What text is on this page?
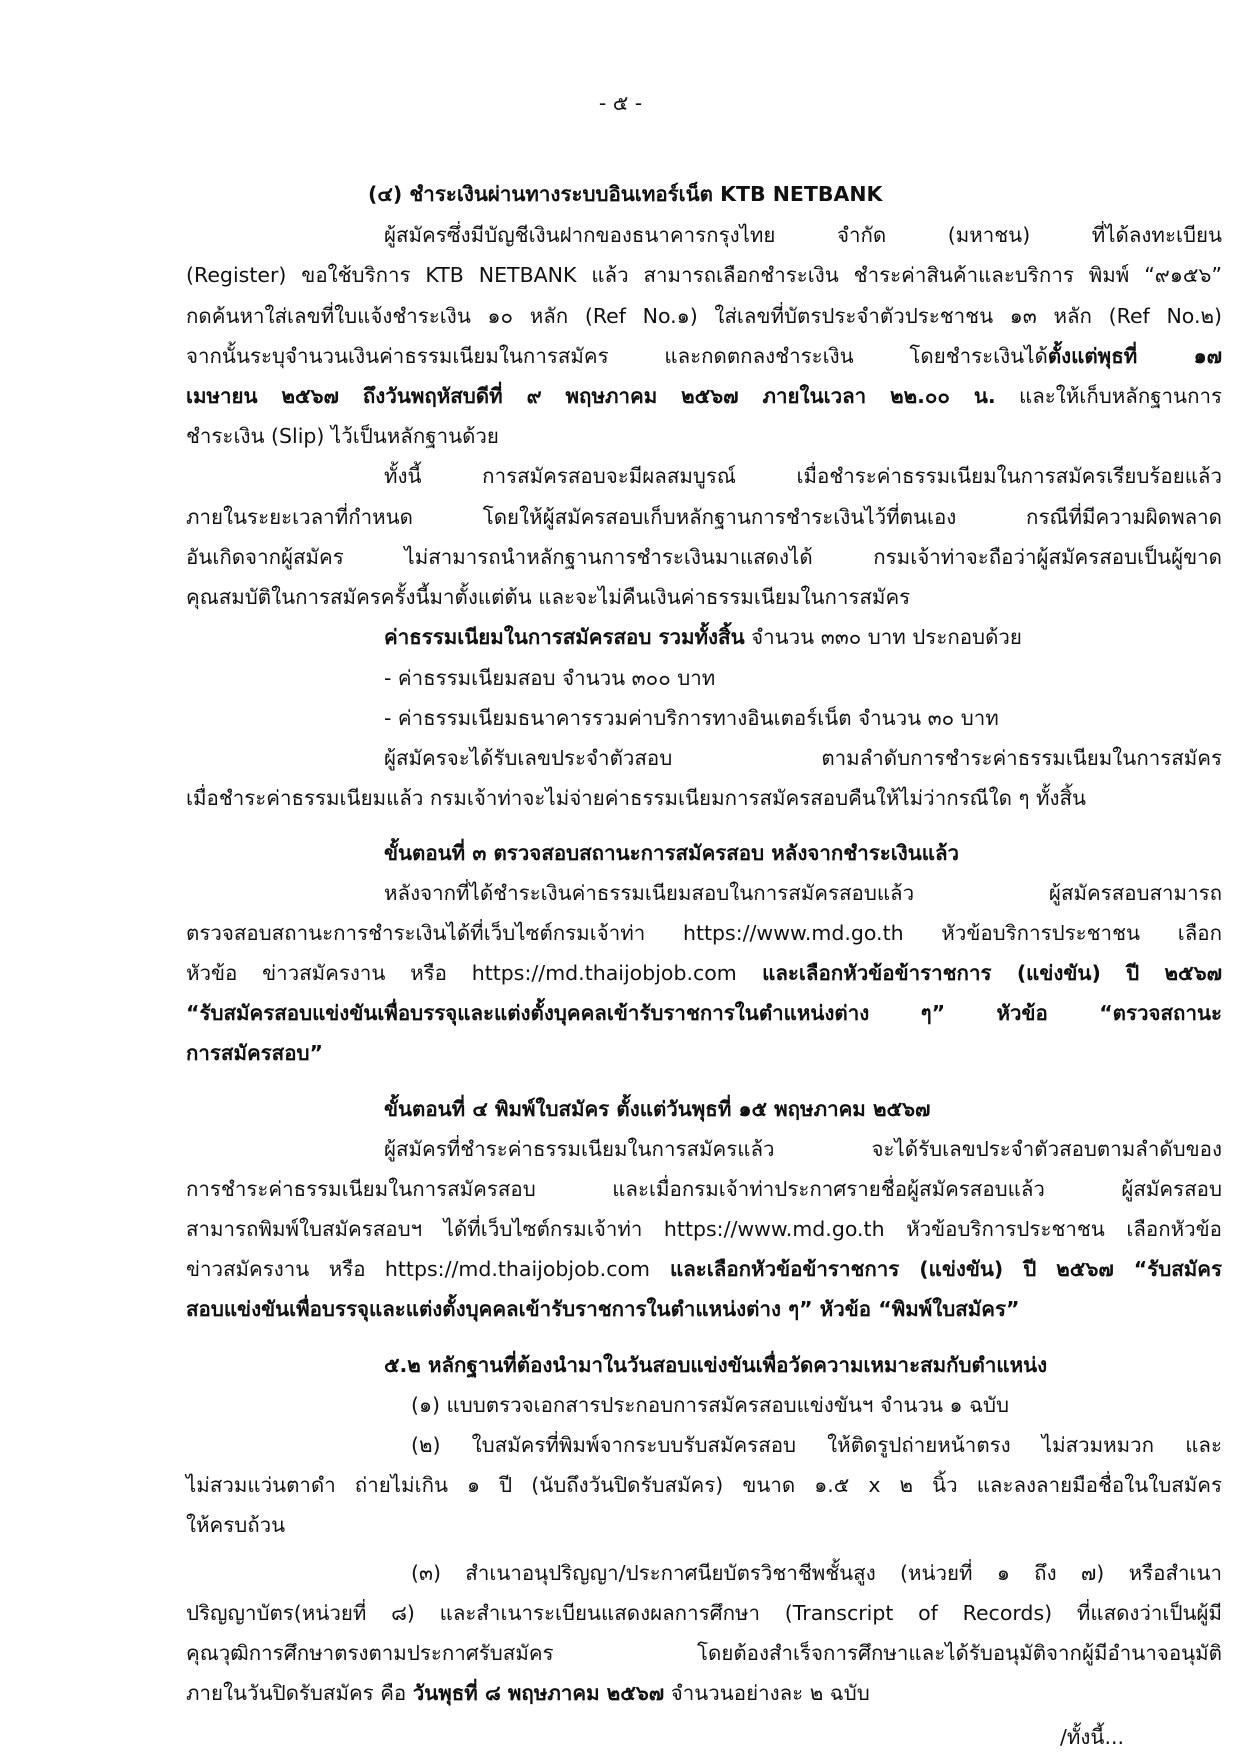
- ๕ -
(๔) ชำระเงินผ่านทางระบบอินเทอร์เน็ต KTB NETBANK
ผู้สมัครซึ่งมีบัญชีเงินฝากของธนาคารกรุงไทย จำกัด (มหาชน) ที่ได้ลงทะเบียน
(Register) ขอใช้บริการ KTB NETBANK แล้ว สามารถเลือกชำระเงิน ชำระค่าสินค้าและบริการ พิมพ์ “๙๑๕๖”
กดค้นหาใส่เลขที่ใบแจ้งชำระเงิน ๑๐ หลัก (Ref No.๑) ใส่เลขที่บัตรประจำตัวประชาชน ๑๓ หลัก (Ref No.๒)
จากนั้นระบุจำนวนเงินค่าธรรมเนียมในการสมัคร และกดตกลงชำระเงิน โดยชำระเงินได้ตั้งแต่พุธที่ ๑๗
เมษายน ๒๕๖๗ ถึงวันพฤหัสบดีที่ ๙ พฤษภาคม ๒๕๖๗ ภายในเวลา ๒๒.๐๐ น. และให้เก็บหลักฐานการ
ชำระเงิน (Slip) ไว้เป็นหลักฐานด้วย
ทั้งนี้ การสมัครสอบจะมีผลสมบูรณ์ เมื่อชำระค่าธรรมเนียมในการสมัครเรียบร้อยแล้ว
ภายในระยะเวลาที่กำหนด โดยให้ผู้สมัครสอบเก็บหลักฐานการชำระเงินไว้ที่ตนเอง กรณีที่มีความผิดพลาด
อันเกิดจากผู้สมัคร ไม่สามารถนำหลักฐานการชำระเงินมาแสดงได้ กรมเจ้าท่าจะถือว่าผู้สมัครสอบเป็นผู้ขาด
คุณสมบัติในการสมัครครั้งนี้มาตั้งแต่ต้น และจะไม่คืนเงินค่าธรรมเนียมในการสมัคร
ค่าธรรมเนียมในการสมัครสอบ รวมทั้งสิ้น จำนวน ๓๓๐ บาท ประกอบด้วย
- ค่าธรรมเนียมสอบ จำนวน ๓๐๐ บาท
- ค่าธรรมเนียมธนาคารรวมค่าบริการทางอินเตอร์เน็ต จำนวน ๓๐ บาท
ผู้สมัครจะได้รับเลขประจำตัวสอบ ตามลำดับการชำระค่าธรรมเนียมในการสมัคร
เมื่อชำระค่าธรรมเนียมแล้ว กรมเจ้าท่าจะไม่จ่ายค่าธรรมเนียมการสมัครสอบคืนให้ไม่ว่ากรณีใด ๆ ทั้งสิ้น
ขั้นตอนที่ ๓ ตรวจสอบสถานะการสมัครสอบ หลังจากชำระเงินแล้ว
หลังจากที่ได้ชำระเงินค่าธรรมเนียมสอบในการสมัครสอบแล้ว ผู้สมัครสอบสามารถ
ตรวจสอบสถานะการชำระเงินได้ที่เว็บไซต์กรมเจ้าท่า https://www.md.go.th หัวข้อบริการประชาชน เลือก
หัวข้อ ข่าวสมัครงาน หรือ https://md.thaijobjob.com และเลือกหัวข้อข้าราชการ (แข่งขัน) ปี ๒๕๖๗
“รับสมัครสอบแข่งขันเพื่อบรรจุและแต่งตั้งบุคคลเข้ารับราชการในตำแหน่งต่าง ๆ” หัวข้อ “ตรวจสถานะ
การสมัครสอบ”
ขั้นตอนที่ ๔ พิมพ์ใบสมัคร ตั้งแต่วันพุธที่ ๑๕ พฤษภาคม ๒๕๖๗
ผู้สมัครที่ชำระค่าธรรมเนียมในการสมัครแล้ว จะได้รับเลขประจำตัวสอบตามลำดับของ
การชำระค่าธรรมเนียมในการสมัครสอบ และเมื่อกรมเจ้าท่าประกาศรายชื่อผู้สมัครสอบแล้ว ผู้สมัครสอบ
สามารถพิมพ์ใบสมัครสอบฯ ได้ที่เว็บไซต์กรมเจ้าท่า https://www.md.go.th หัวข้อบริการประชาชน เลือกหัวข้อ
ข่าวสมัครงาน หรือ https://md.thaijobjob.com และเลือกหัวข้อข้าราชการ (แข่งขัน) ปี ๒๕๖๗ “รับสมัคร
สอบแข่งขันเพื่อบรรจุและแต่งตั้งบุคคลเข้ารับราชการในตำแหน่งต่าง ๆ” หัวข้อ “พิมพ์ใบสมัคร”
๕.๒ หลักฐานที่ต้องนำมาในวันสอบแข่งขันเพื่อวัดความเหมาะสมกับตำแหน่ง
(๑) แบบตรวจเอกสารประกอบการสมัครสอบแข่งขันฯ จำนวน ๑ ฉบับ
(๒) ใบสมัครที่พิมพ์จากระบบรับสมัครสอบ ให้ติดรูปถ่ายหน้าตรง ไม่สวมหมวก และ
ไม่สวมแว่นตาดำ ถ่ายไม่เกิน ๑ ปี (นับถึงวันปิดรับสมัคร) ขนาด ๑.๕ x ๒ นิ้ว และลงลายมือชื่อในใบสมัคร
ให้ครบถ้วน
(๓) สำเนาอนุปริญญา/ประกาศนียบัตรวิชาชีพชั้นสูง (หน่วยที่ ๑ ถึง ๗) หรือสำเนา
ปริญญาบัตร(หน่วยที่ ๘) และสำเนาระเบียนแสดงผลการศึกษา (Transcript of Records) ที่แสดงว่าเป็นผู้มี
คุณวุฒิการศึกษาตรงตามประกาศรับสมัคร โดยต้องสำเร็จการศึกษาและได้รับอนุมัติจากผู้มีอำนาจอนุมัติ
ภายในวันปิดรับสมัคร คือ วันพุธที่ ๘ พฤษภาคม ๒๕๖๗ จำนวนอย่างละ ๒ ฉบับ
/ทั้งนี้...
